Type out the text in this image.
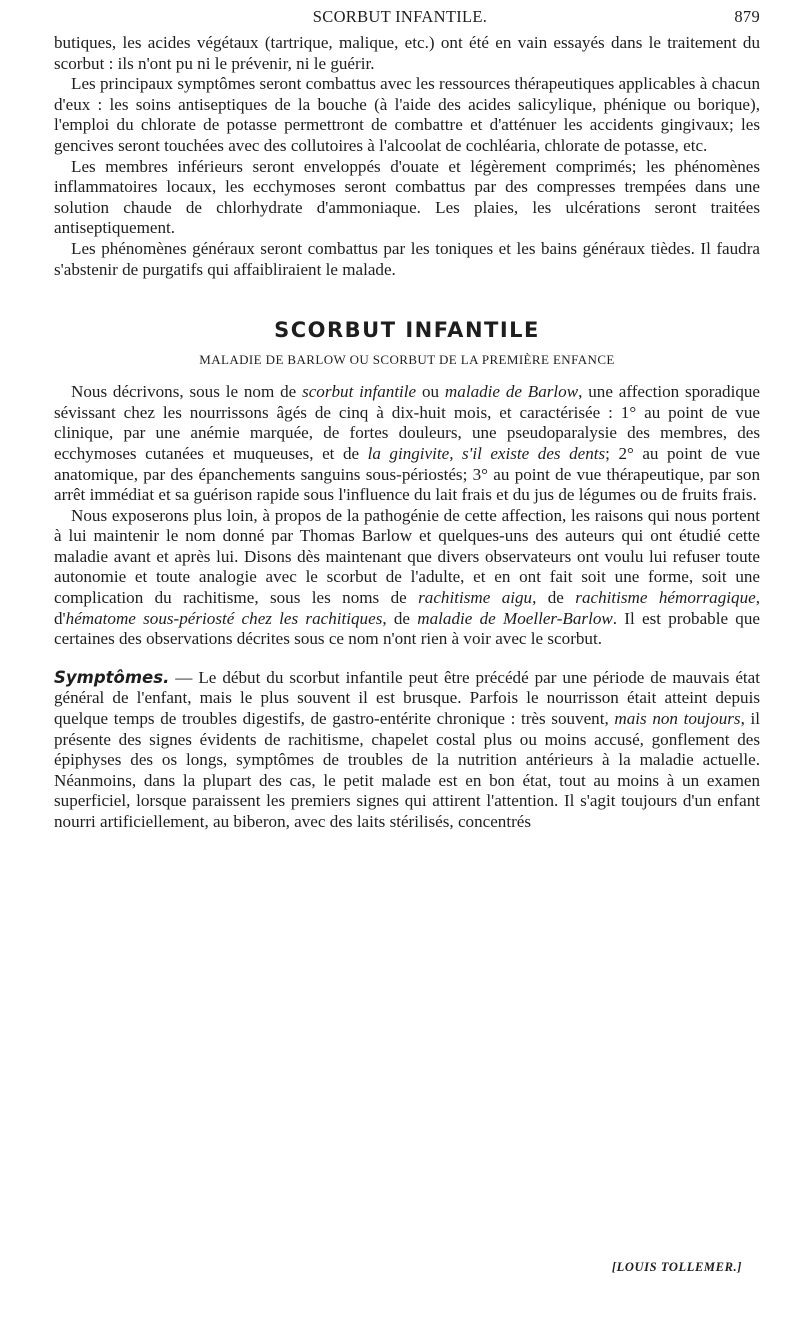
SCORBUT INFANTILE.	879

butiques, les acides végétaux (tartrique, malique, etc.) ont été en vain essayés dans le traitement du scorbut : ils n'ont pu ni le prévenir, ni le guérir.

Les principaux symptômes seront combattus avec les ressources thérapeutiques applicables à chacun d'eux : les soins antiseptiques de la bouche (à l'aide des acides salicylique, phénique ou borique), l'emploi du chlorate de potasse permettront de combattre et d'atténuer les accidents gingivaux; les gencives seront touchées avec des collutoires à l'alcoolat de cochléaria, chlorate de potasse, etc.

Les membres inférieurs seront enveloppés d'ouate et légèrement comprimés; les phénomènes inflammatoires locaux, les ecchymoses seront combattus par des compresses trempées dans une solution chaude de chlorhydrate d'ammoniaque. Les plaies, les ulcérations seront traitées antiseptiquement.

Les phénomènes généraux seront combattus par les toniques et les bains généraux tièdes. Il faudra s'abstenir de purgatifs qui affaibliraient le malade.

SCORBUT INFANTILE
MALADIE DE BARLOW OU SCORBUT DE LA PREMIÈRE ENFANCE

Nous décrivons, sous le nom de scorbut infantile ou maladie de Barlow, une affection sporadique sévissant chez les nourrissons âgés de cinq à dix-huit mois, et caractérisée : 1° au point de vue clinique, par une anémie marquée, de fortes douleurs, une pseudoparalysie des membres, des ecchymoses cutanées et muqueuses, et de la gingivite, s'il existe des dents; 2° au point de vue anatomique, par des épanchements sanguins sous-périostés; 3° au point de vue thérapeutique, par son arrêt immédiat et sa guérison rapide sous l'influence du lait frais et du jus de légumes ou de fruits frais.

Nous exposerons plus loin, à propos de la pathogénie de cette affection, les raisons qui nous portent à lui maintenir le nom donné par Thomas Barlow et quelques-uns des auteurs qui ont étudié cette maladie avant et après lui. Disons dès maintenant que divers observateurs ont voulu lui refuser toute autonomie et toute analogie avec le scorbut de l'adulte, et en ont fait soit une forme, soit une complication du rachitisme, sous les noms de rachitisme aigu, de rachitisme hémorragique, d'hématome sous-périosté chez les rachitiques, de maladie de Moeller-Barlow. Il est probable que certaines des observations décrites sous ce nom n'ont rien à voir avec le scorbut.

Symptômes. — Le début du scorbut infantile peut être précédé par une période de mauvais état général de l'enfant, mais le plus souvent il est brusque. Parfois le nourrisson était atteint depuis quelque temps de troubles digestifs, de gastro-entérite chronique : très souvent, mais non toujours, il présente des signes évidents de rachitisme, chapelet costal plus ou moins accusé, gonflement des épiphyses des os longs, symptômes de troubles de la nutrition antérieurs à la maladie actuelle. Néanmoins, dans la plupart des cas, le petit malade est en bon état, tout au moins à un examen superficiel, lorsque paraissent les premiers signes qui attirent l'attention. Il s'agit toujours d'un enfant nourri artificiellement, au biberon, avec des laits stérilisés, concentrés

[LOUIS TOLLEMER.]
